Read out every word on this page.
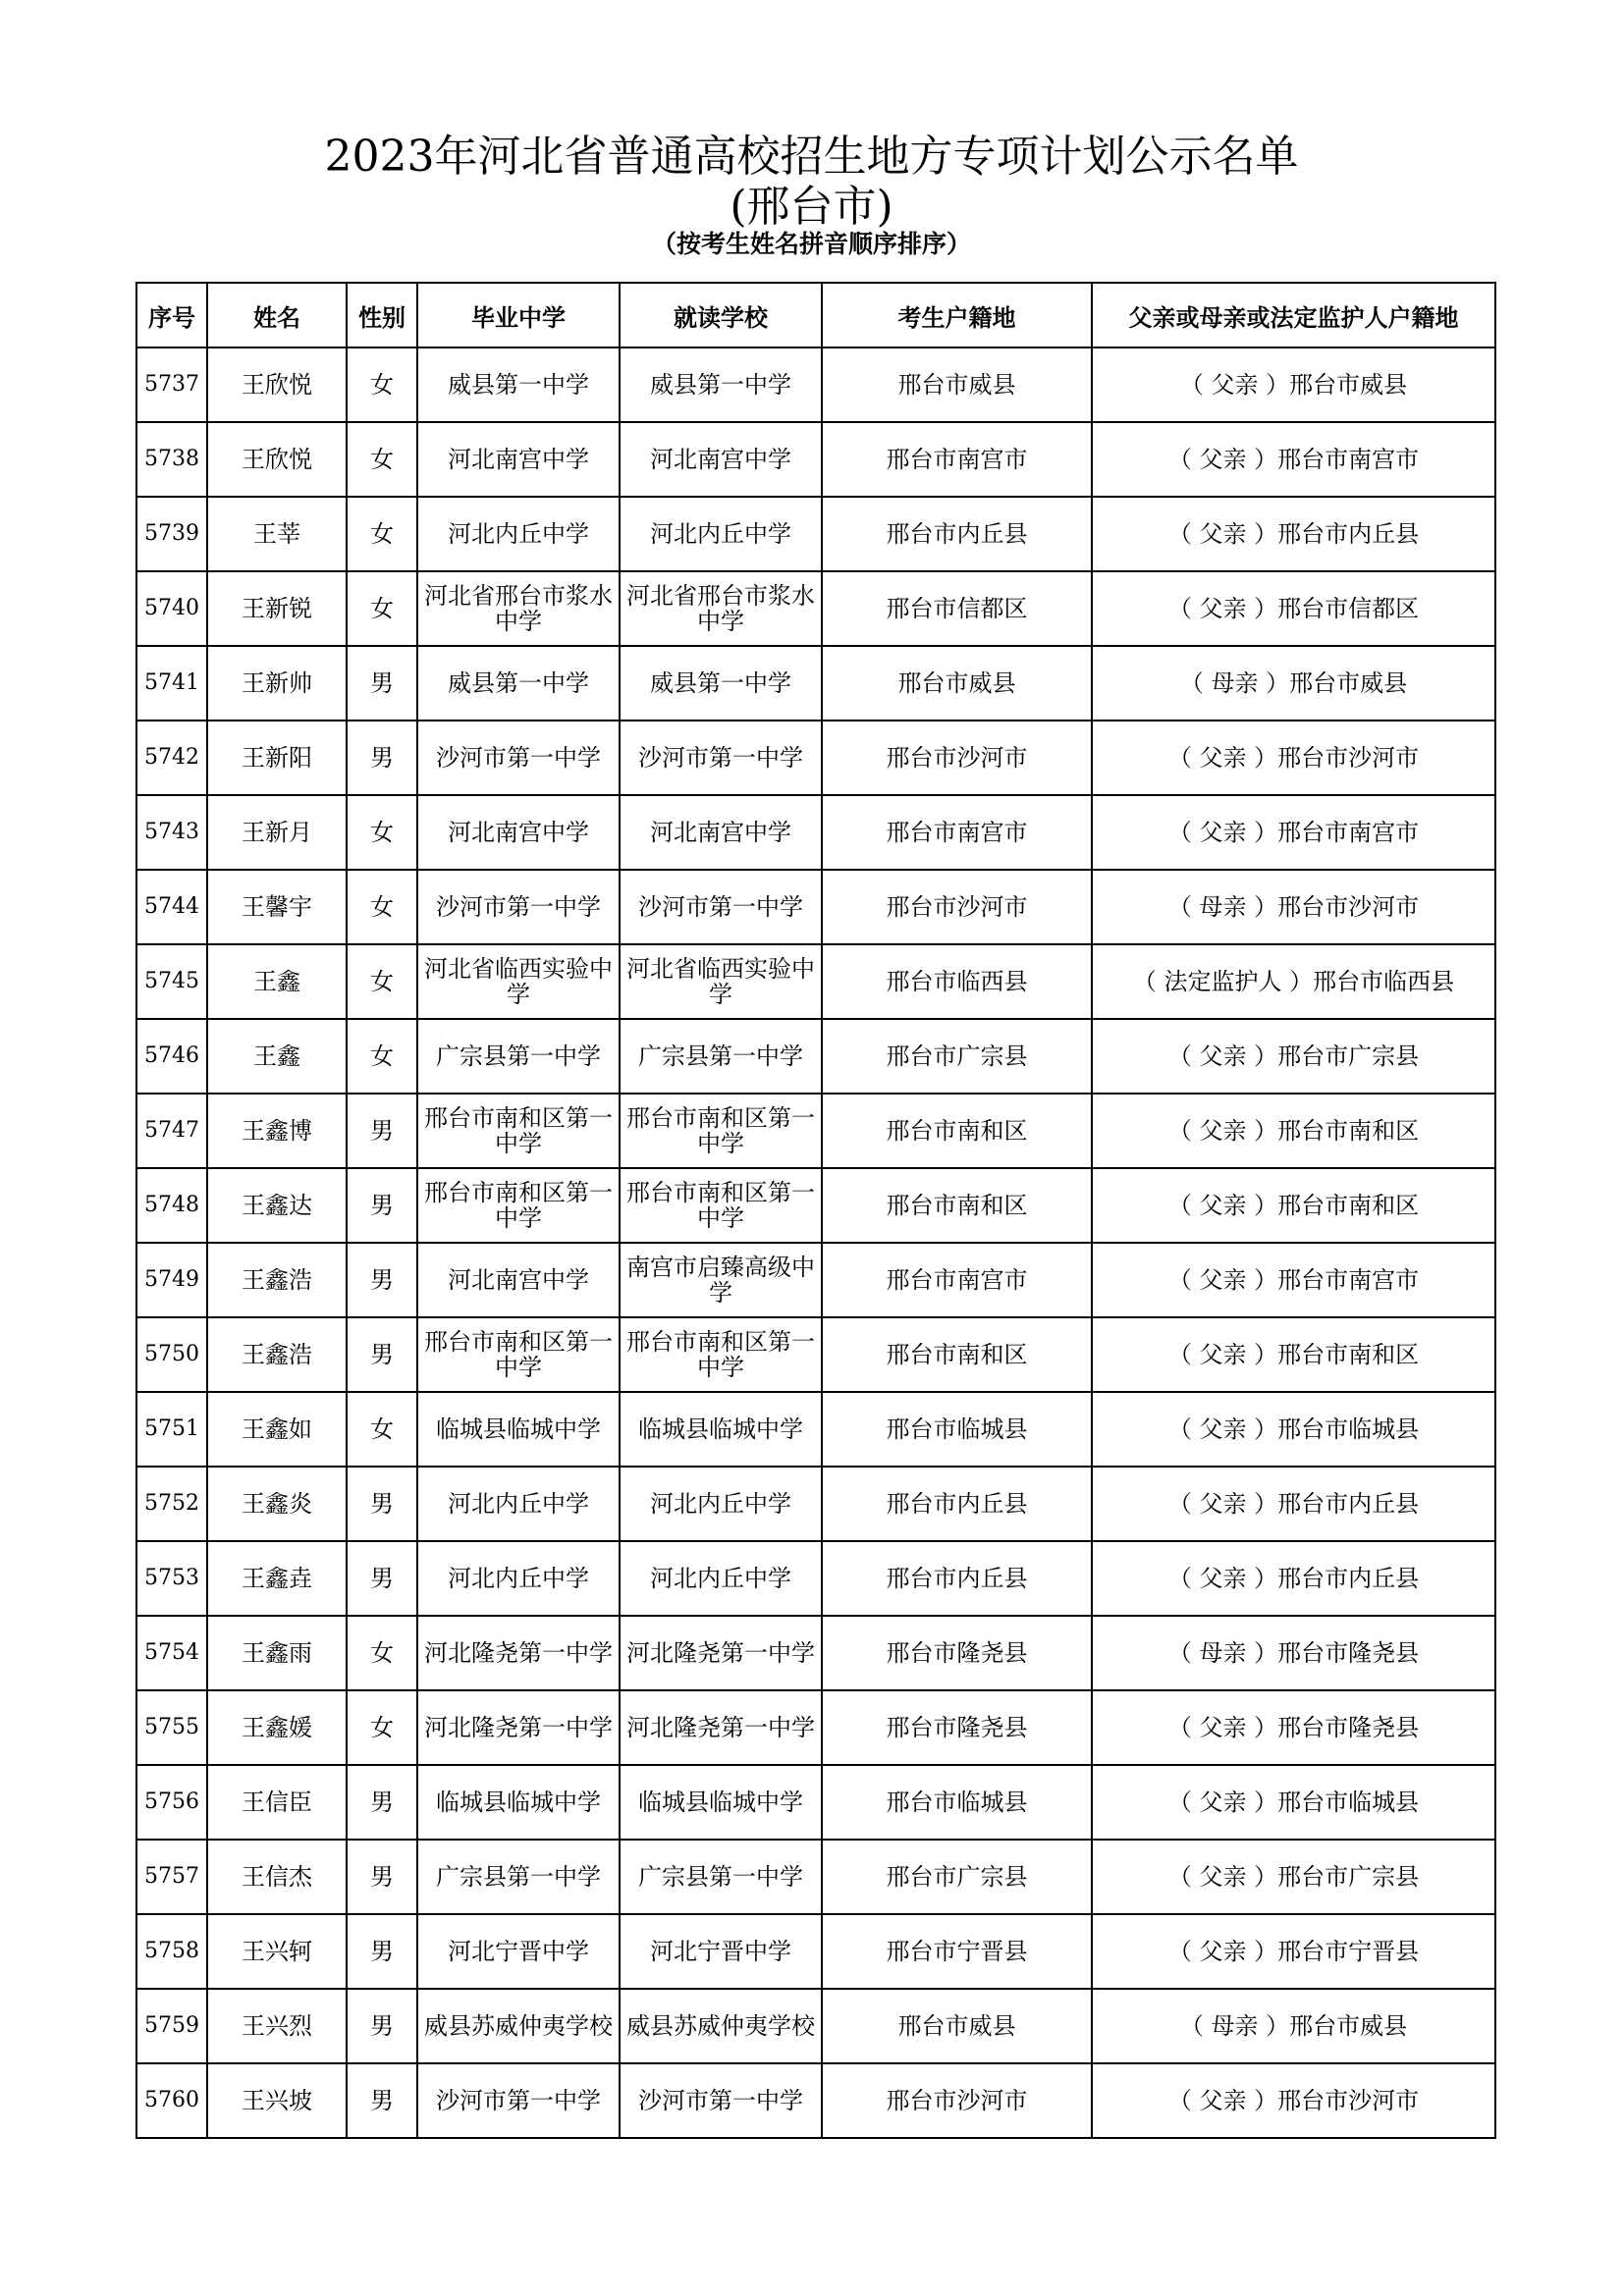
2023年河北省普通高校招生地方专项计划公示名单
(邢台市)
（按考生姓名拼音顺序排序）
序号	姓名	性别	毕业中学	就读学校	考生户籍地	父亲或母亲或法定监护人户籍地
5737	王欣悦	女	威县第一中学	威县第一中学	邢台市威县	（ 父亲 ）邢台市威县
5738	王欣悦	女	河北南宫中学	河北南宫中学	邢台市南宫市	（ 父亲 ）邢台市南宫市
5739	王莘	女	河北内丘中学	河北内丘中学	邢台市内丘县	（ 父亲 ）邢台市内丘县
5740	王新锐	女	河北省邢台市浆水中学	河北省邢台市浆水中学	邢台市信都区	（ 父亲 ）邢台市信都区
5741	王新帅	男	威县第一中学	威县第一中学	邢台市威县	（ 母亲 ）邢台市威县
5742	王新阳	男	沙河市第一中学	沙河市第一中学	邢台市沙河市	（ 父亲 ）邢台市沙河市
5743	王新月	女	河北南宫中学	河北南宫中学	邢台市南宫市	（ 父亲 ）邢台市南宫市
5744	王馨宇	女	沙河市第一中学	沙河市第一中学	邢台市沙河市	（ 母亲 ）邢台市沙河市
5745	王鑫	女	河北省临西实验中学	河北省临西实验中学	邢台市临西县	（ 法定监护人 ）邢台市临西县
5746	王鑫	女	广宗县第一中学	广宗县第一中学	邢台市广宗县	（ 父亲 ）邢台市广宗县
5747	王鑫博	男	邢台市南和区第一中学	邢台市南和区第一中学	邢台市南和区	（ 父亲 ）邢台市南和区
5748	王鑫达	男	邢台市南和区第一中学	邢台市南和区第一中学	邢台市南和区	（ 父亲 ）邢台市南和区
5749	王鑫浩	男	河北南宫中学	南宫市启臻高级中学	邢台市南宫市	（ 父亲 ）邢台市南宫市
5750	王鑫浩	男	邢台市南和区第一中学	邢台市南和区第一中学	邢台市南和区	（ 父亲 ）邢台市南和区
5751	王鑫如	女	临城县临城中学	临城县临城中学	邢台市临城县	（ 父亲 ）邢台市临城县
5752	王鑫炎	男	河北内丘中学	河北内丘中学	邢台市内丘县	（ 父亲 ）邢台市内丘县
5753	王鑫垚	男	河北内丘中学	河北内丘中学	邢台市内丘县	（ 父亲 ）邢台市内丘县
5754	王鑫雨	女	河北隆尧第一中学	河北隆尧第一中学	邢台市隆尧县	（ 母亲 ）邢台市隆尧县
5755	王鑫媛	女	河北隆尧第一中学	河北隆尧第一中学	邢台市隆尧县	（ 父亲 ）邢台市隆尧县
5756	王信臣	男	临城县临城中学	临城县临城中学	邢台市临城县	（ 父亲 ）邢台市临城县
5757	王信杰	男	广宗县第一中学	广宗县第一中学	邢台市广宗县	（ 父亲 ）邢台市广宗县
5758	王兴轲	男	河北宁晋中学	河北宁晋中学	邢台市宁晋县	（ 父亲 ）邢台市宁晋县
5759	王兴烈	男	威县苏威仲夷学校	威县苏威仲夷学校	邢台市威县	（ 母亲 ）邢台市威县
5760	王兴坡	男	沙河市第一中学	沙河市第一中学	邢台市沙河市	（ 父亲 ）邢台市沙河市
